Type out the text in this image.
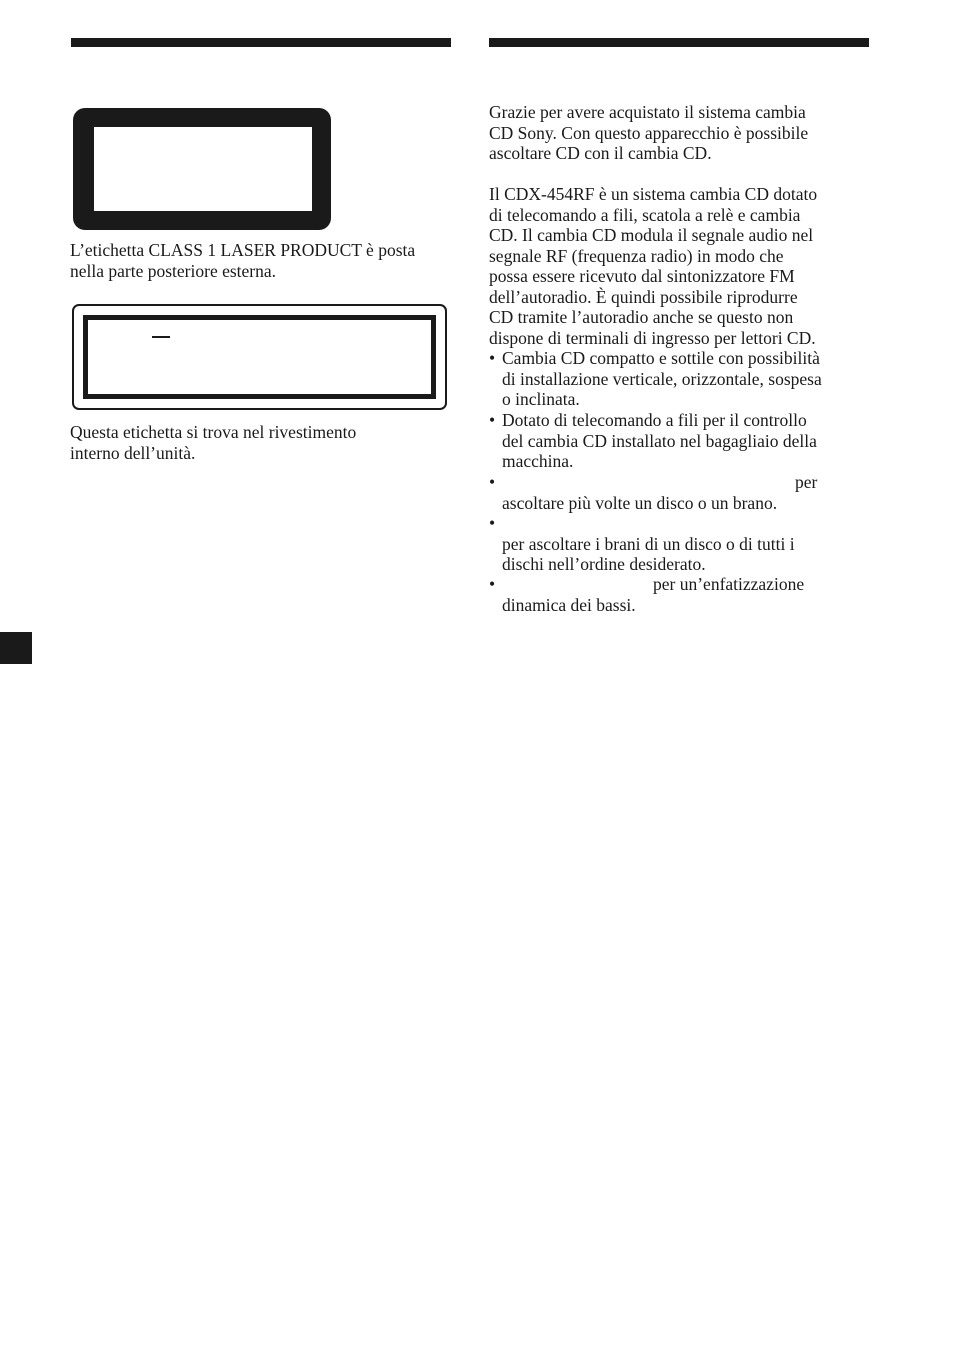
L’etichetta CLASS 1 LASER PRODUCT è posta
nella parte posteriore esterna.

Questa etichetta si trova nel rivestimento
interno dell’unità.

Grazie per avere acquistato il sistema cambia
CD Sony. Con questo apparecchio è possibile
ascoltare CD con il cambia CD.

Il CDX-454RF è un sistema cambia CD dotato
di telecomando a fili, scatola a relè e cambia
CD. Il cambia CD modula il segnale audio nel
segnale RF (frequenza radio) in modo che
possa essere ricevuto dal sintonizzatore FM
dell’autoradio. È quindi possibile riprodurre
CD tramite l’autoradio anche se questo non
dispone di terminali di ingresso per lettori CD.

• Cambia CD compatto e sottile con possibilità
di installazione verticale, orizzontale, sospesa
o inclinata.
• Dotato di telecomando a fili per il controllo
del cambia CD installato nel bagagliaio della
macchina.
•	per

ascoltare più volte un disco o un brano.
•

per ascoltare i brani di un disco o di tutti i
dischi nell’ordine desiderato.
•	per un’enfatizzazione

dinamica dei bassi.
